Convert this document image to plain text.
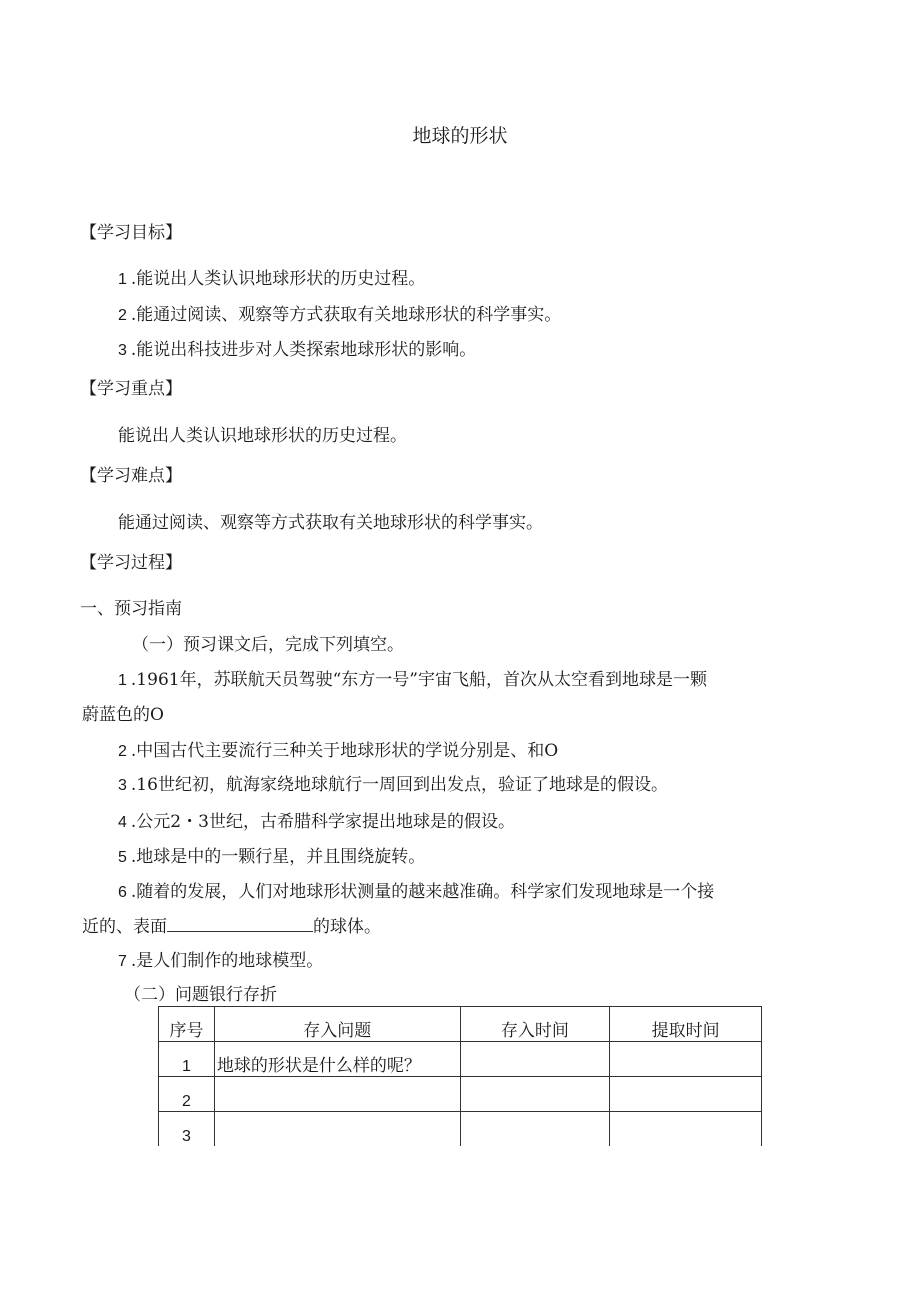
地球的形状
【学习目标】
1 .能说出人类认识地球形状的历史过程。
2 .能通过阅读、观察等方式获取有关地球形状的科学事实。
3 .能说出科技进步对人类探索地球形状的影响。
【学习重点】
能说出人类认识地球形状的历史过程。
【学习难点】
能通过阅读、观察等方式获取有关地球形状的科学事实。
【学习过程】
一、预习指南
（一）预习课文后，完成下列填空。
1 .1961年，苏联航天员驾驶“东方一号”宇宙飞船，首次从太空看到地球是一颗
蔚蓝色的O
2 .中国古代主要流行三种关于地球形状的学说分别是、和O
3 .16世纪初，航海家绕地球航行一周回到出发点，验证了地球是的假设。
4 .公元2・3世纪，古希腊科学家提出地球是的假设。
5 .地球是中的一颗行星，并且围绕旋转。
6 .随着的发展，人们对地球形状测量的越来越准确。科学家们发现地球是一个接
近的、表面	的球体。
7 .是人们制作的地球模型。
（二）问题银行存折
序号	存入问题	存入时间	提取时间
1	地球的形状是什么样的呢？		
2			
3			
